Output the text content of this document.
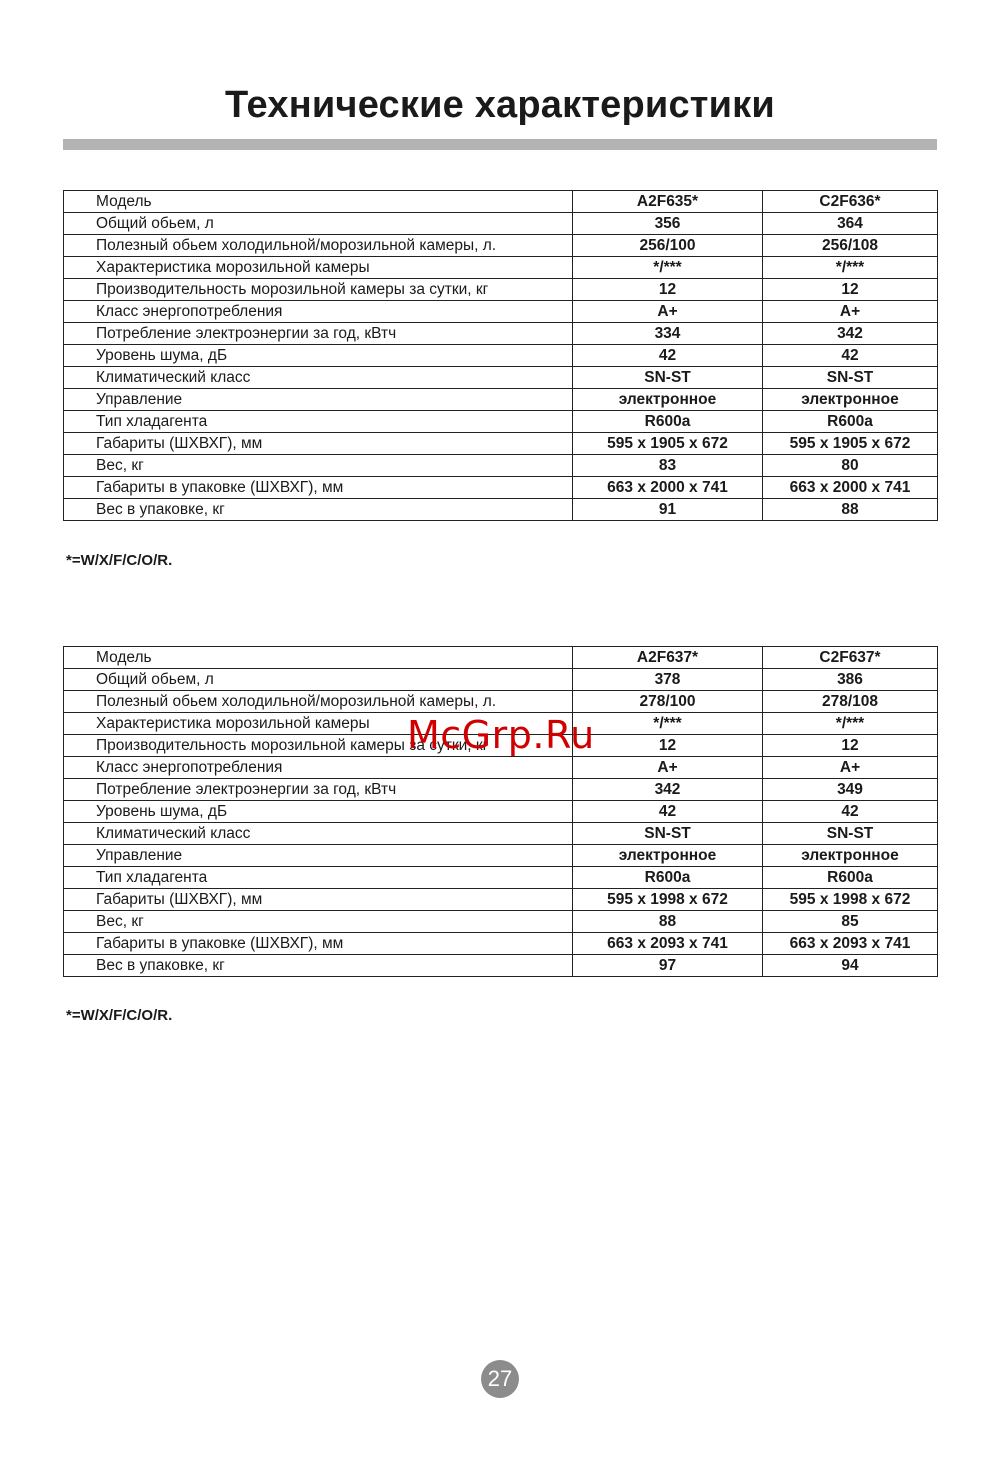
Технические характеристики
Модель	A2F635*	C2F636*
Общий обьем, л	356	364
Полезный обьем холодильной/морозильной камеры, л.	256/100	256/108
Характеристика морозильной камеры	*/***	*/***
Производительность морозильной камеры за сутки, кг	12	12
Класс энергопотребления	A+	A+
Потребление электроэнергии за год, кВтч	334	342
Уровень шума, дБ	42	42
Климатический класс	SN-ST	SN-ST
Управление	электронное	электронное
Тип хладагента	R600a	R600a
Габариты (ШХВХГ), мм	595 x 1905 x 672	595 x 1905 x 672
Вес, кг	83	80
Габариты в упаковке (ШХВХГ), мм	663 x 2000 x 741	663 x 2000 x 741
Вес в упаковке, кг	91	88
*=W/X/F/C/O/R.
Модель	A2F637*	C2F637*
Общий обьем, л	378	386
Полезный обьем холодильной/морозильной камеры, л.	278/100	278/108
Характеристика морозильной камеры	*/***	*/***
Производительность морозильной камеры за сутки, кг	12	12
Класс энергопотребления	A+	A+
Потребление электроэнергии за год, кВтч	342	349
Уровень шума, дБ	42	42
Климатический класс	SN-ST	SN-ST
Управление	электронное	электронное
Тип хладагента	R600a	R600a
Габариты (ШХВХГ), мм	595 x 1998 x 672	595 x 1998 x 672
Вес, кг	88	85
Габариты в упаковке (ШХВХГ), мм	663 x 2093 x 741	663 x 2093 x 741
Вес в упаковке, кг	97	94
*=W/X/F/C/O/R.
McGrp.Ru
27
